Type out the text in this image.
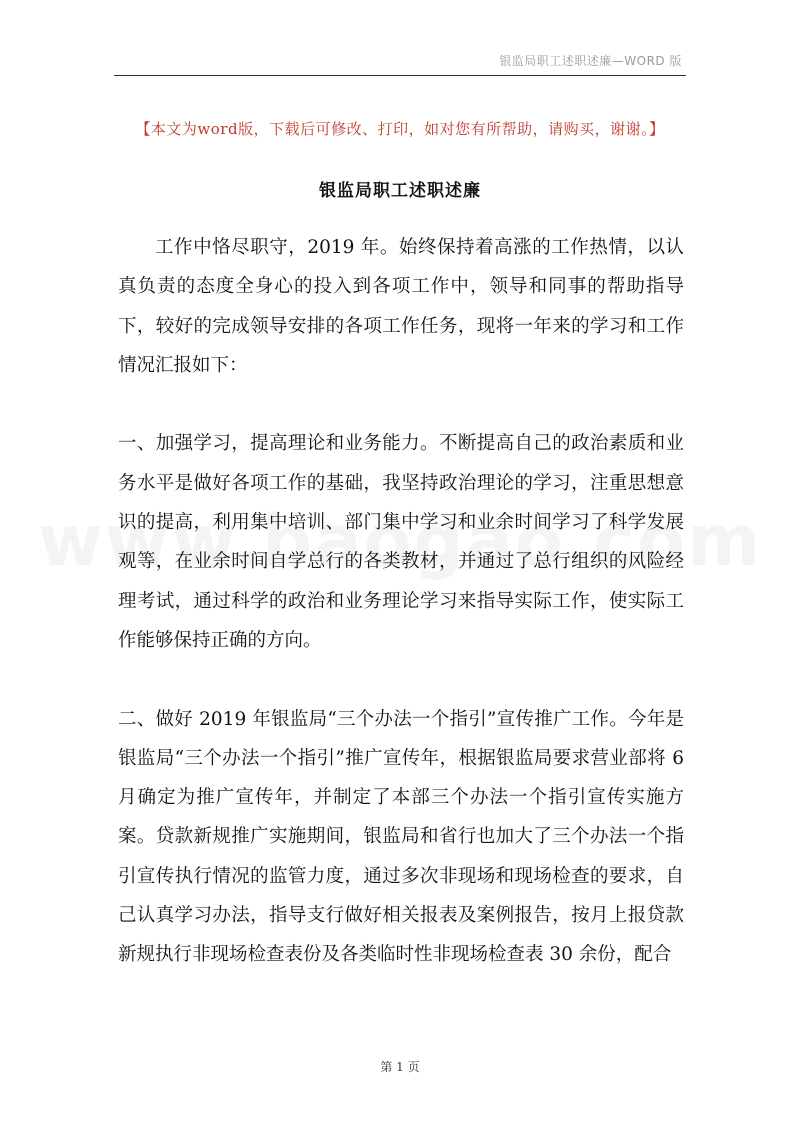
银监局职工述职述廉—WORD 版
【本文为word版，下载后可修改、打印，如对您有所帮助，请购买，谢谢。】
银监局职工述职述廉

工作中恪尽职守，2019 年。始终保持着高涨的工作热情，以认真负责的态度全身心的投入到各项工作中，领导和同事的帮助指导下，较好的完成领导安排的各项工作任务，现将一年来的学习和工作情况汇报如下：

一、加强学习，提高理论和业务能力。不断提高自己的政治素质和业务水平是做好各项工作的基础，我坚持政治理论的学习，注重思想意识的提高，利用集中培训、部门集中学习和业余时间学习了科学发展观等，在业余时间自学总行的各类教材，并通过了总行组织的风险经理考试，通过科学的政治和业务理论学习来指导实际工作，使实际工作能够保持正确的方向。

二、做好 2019 年银监局“三个办法一个指引”宣传推广工作。今年是银监局“三个办法一个指引”推广宣传年，根据银监局要求营业部将 6 月确定为推广宣传年，并制定了本部三个办法一个指引宣传实施方案。贷款新规推广实施期间，银监局和省行也加大了三个办法一个指引宣传执行情况的监管力度，通过多次非现场和现场检查的要求，自己认真学习办法，指导支行做好相关报表及案例报告，按月上报贷款新规执行非现场检查表份及各类临时性非现场检查表 30 余份，配合

第 1 页
